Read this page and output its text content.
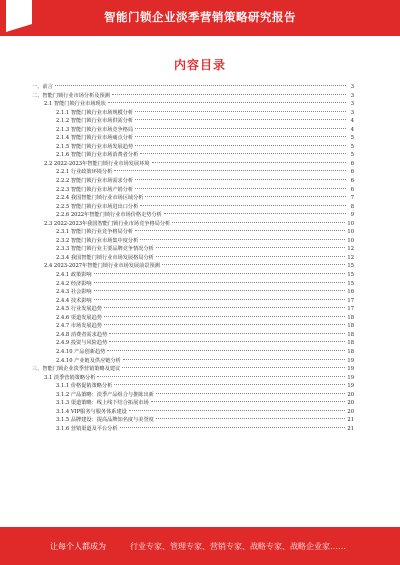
智能门锁企业淡季营销策略研究报告
内容目录
一、前言	3
二、智能门锁行业市场分析及预测	3
2.1 智能门锁行业市场现状	3
2.1.1 智能门锁行业市场规模分析	3
2.1.2 智能门锁行业市场供需分析	4
2.1.3 智能门锁行业市场竞争格局	4
2.1.4 智能门锁行业市场痛点分析	5
2.1.5 智能门锁行业市场发展趋势	5
2.1.6 智能门锁行业市场消费者分析	5
2.2 2022-2023年智能门锁行业市场发展环境	6
2.2.1 行业政策环境分析	6
2.2.2 智能门锁行业市场需求分析	6
2.2.3 智能门锁行业市场产销分析	6
2.2.4 我国智能门锁行业市场区域分析	7
2.2.5 智能门锁行业市场进出口分析	8
2.2.6 2022年智能门锁行业市场价格走势分析	9
2.3 2022-2023年我国智能门锁行业市场竞争格局分析	10
2.3.1 智能门锁行业竞争格局分析	10
2.3.2 智能门锁行业市场集中度分析	10
2.3.3 智能门锁行业主要品牌竞争情况分析	12
2.3.4 我国智能门锁行业市场发展格局分析	12
2.4 2023-2027年智能门锁行业市场发展前景预测	15
2.4.1 政策影响	15
2.4.2 经济影响	15
2.4.3 社会影响	16
2.4.4 技术影响	17
2.4.5 行业发展趋势	17
2.4.6 渠道发展趋势	18
2.4.7 市场发展趋势	18
2.4.8 消费者需求趋势	18
2.4.9 投资与风险趋势	18
2.4.10 产品创新趋势	18
2.4.10 产业链及供应链分析	19
三、智能门锁企业淡季营销策略及建议	19
3.1 淡季营销策略分析	19
3.1.1 价格促销策略分析	19
3.1.2 产品策略：淡季产品组合与推陈出新	20
3.1.3 渠道策略：线上线下结合拓展市场	20
3.1.4 VIP服务与服务体系建设	20
3.1.5 品牌建设：提高品牌知名度与美誉度	21
3.1.6 营销渠道及平台分析	21
让每个人都成为	行业专家、管理专家、营销专家、战略专家、战略企业家……
